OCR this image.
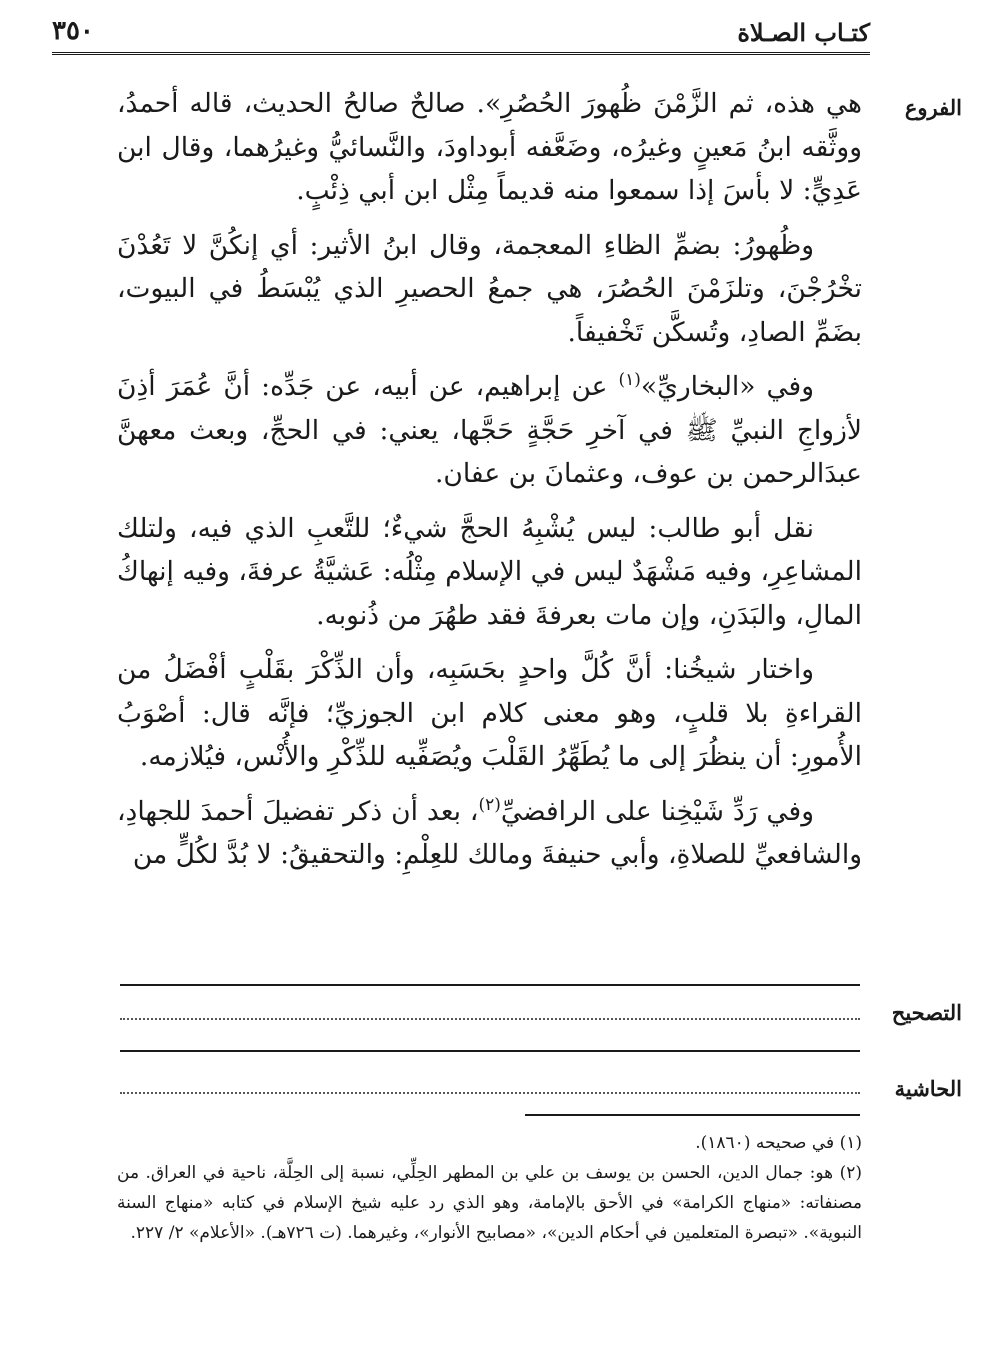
كتـاب الصـلاة
٣٥٠
الفروع

هي هذه، ثم الزَّمْنَ ظُهورَ الحُصُرِ». صالحٌ صالحُ الحديث، قاله أحمدُ، ووثَّقه ابنُ مَعينٍ وغيرُه، وضَعَّفه أبوداودَ، والنَّسائيُّ وغيرُهما، وقال ابن عَدِيٍّ: لا بأسَ إذا سمعوا منه قديماً مِثْل ابن أبي ذِئْبٍ.

وظُهورُ: بضمِّ الظاءِ المعجمة، وقال ابنُ الأثير: أي إنكُنَّ لا تَعُدْنَ تخْرُجْنَ، وتلزَمْنَ الحُصُرَ، هي جمعُ الحصيرِ الذي يُبْسَطُ في البيوت، بضَمِّ الصادِ، وتُسكَّن تَخْفيفاً.

وفي «البخاريِّ»$^{(١)}$ عن إبراهيم، عن أبيه، عن جَدِّه: أنَّ عُمَرَ أذِنَ لأزواجِ النبيِّ ﷺ في آخرِ حَجَّةٍ حَجَّها، يعني: في الحجِّ، وبعث معهنَّ عبدَالرحمن بن عوف، وعثمانَ بن عفان.

نقل أبو طالب: ليس يُشْبِهُ الحجَّ شيءٌ؛ للتَّعبِ الذي فيه، ولتلك المشاعِرِ، وفيه مَشْهَدٌ ليس في الإسلام مِثْلُه: عَشيَّةُ عرفةَ، وفيه إنهاكُ المالِ، والبَدَنِ، وإن مات بعرفةَ فقد طهُرَ من ذُنوبه.

واختار شيخُنا: أنَّ كُلَّ واحدٍ بحَسَبِه، وأن الذِّكْرَ بقَلْبٍ أفْضَلُ من القراءةِ بلا قلبٍ، وهو معنى كلام ابن الجوزيِّ؛ فإنَّه قال: أصْوَبُ الأُمورِ: أن ينظُرَ إلى ما يُطَهِّرُ القَلْبَ ويُصَفِّيه للذِّكْرِ والأُنْس، فيُلازمه.

وفي رَدِّ شَيْخِنا على الرافضيِّ$^{(٢)}$، بعد أن ذكر تفضيلَ أحمدَ للجهادِ، والشافعيِّ للصلاةِ، وأبي حنيفةَ ومالك للعِلْمِ: والتحقيقُ: لا بُدَّ لكُلٍّ من

التصحيح
الحاشية

(١) في صحيحه (١٨٦٠).

(٢) هو: جمال الدين، الحسن بن يوسف بن علي بن المطهر الحِلِّي، نسبة إلى الحِلَّة، ناحية في العراق. من مصنفاته: «منهاج الكرامة» في الأحق بالإمامة، وهو الذي رد عليه شيخ الإسلام في كتابه «منهاج السنة النبوية». «تبصرة المتعلمين في أحكام الدين»، «مصابيح الأنوار»، وغيرهما. (ت ٧٢٦هـ). «الأعلام» ٢/ ٢٢٧.
